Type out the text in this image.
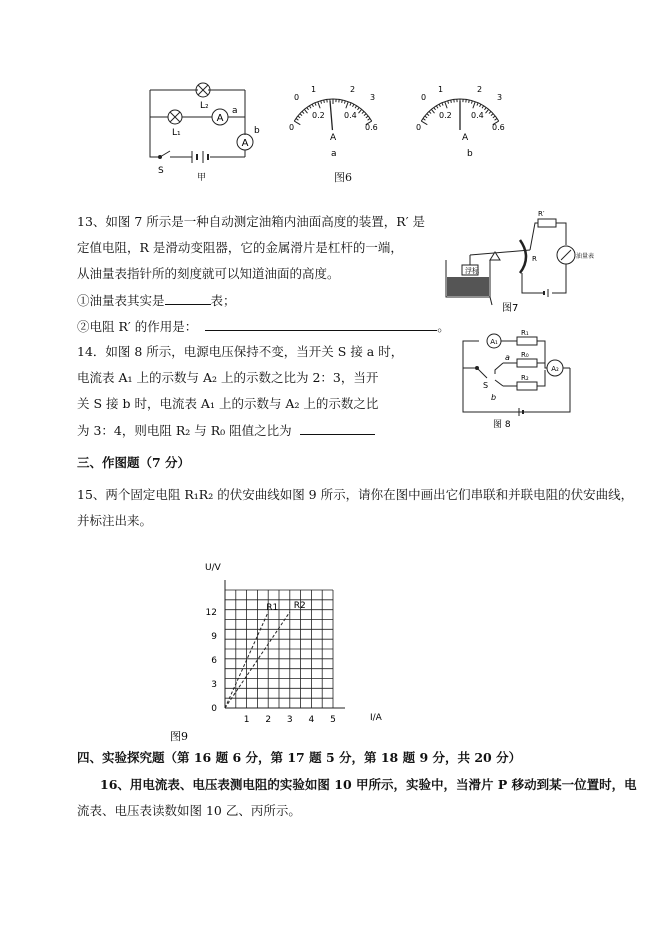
A
A
L₂
L₁
a
b
S
甲
0
1	2
3
0
0.2 0.4
0.6
A
a
0
1	2
3
0
0.2 0.4
0.6
A
b
图6
13、如图 7 所示是一种自动测定油箱内油面高度的装置，R′ 是
定值电阻，R 是滑动变阻器，它的金属滑片是杠杆的一端，
从油量表指针所的刻度就可以知道油面的高度。
①油量表其实是	表；
②电阻 R′ 的作用是：	。
浮标
R′
R	油量表
图7
14．如图 8 所示，电源电压保持不变，当开关 S 接 a 时，
电流表 A₁ 上的示数与 A₂ 上的示数之比为 2：3，当开
关 S 接 b 时，电流表 A₁ 上的示数与 A₂ 上的示数之比
为 3：4，则电阻 R₂ 与 R₀ 阻值之比为
A₁
A₂
R₁
R₀
R₂
a
b
S
图 8
三、作图题（7 分）
15、两个固定电阻 R₁R₂ 的伏安曲线如图 9 所示，请你在图中画出它们串联和并联电阻的伏安曲线，
并标注出来。
1 2 3 4 5
0
3
6
9
12	R1 R2
U/V
I/A
图9
四、实验探究题（第 16 题 6 分，第 17 题 5 分，第 18 题 9 分，共 20 分）
16、用电流表、电压表测电阻的实验如图 10 甲所示，实验中，当滑片 P 移动到某一位置时，电
流表、电压表读数如图 10 乙、丙所示。
